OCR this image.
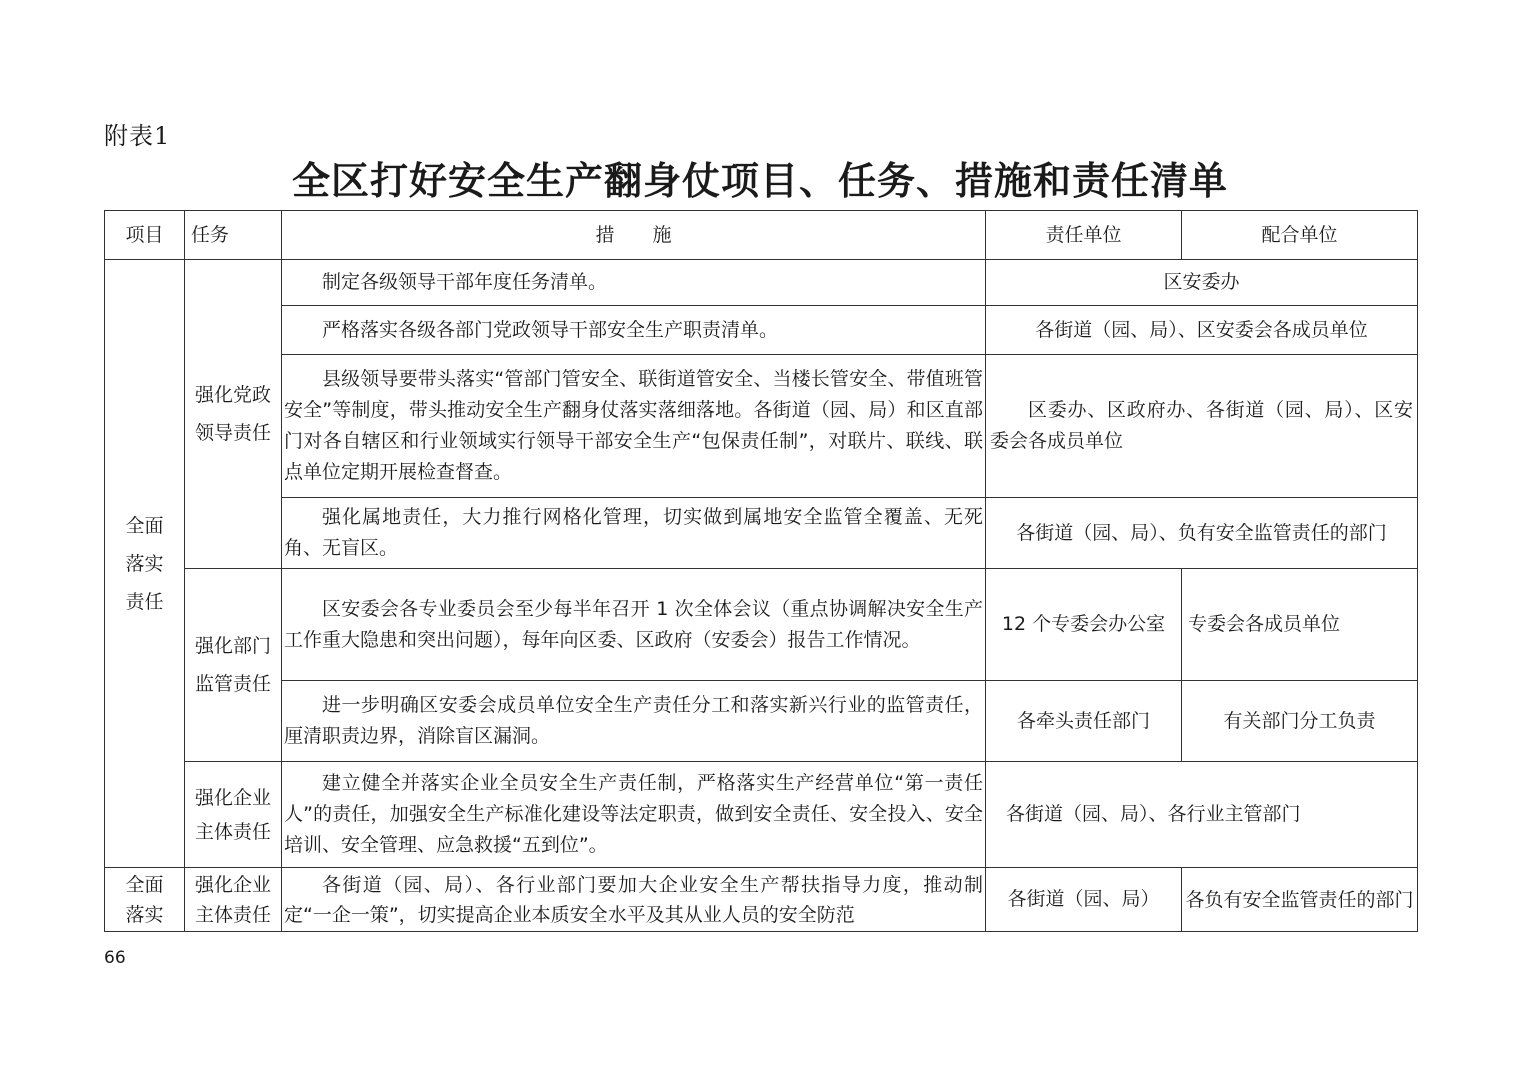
附表1
全区打好安全生产翻身仗项目、任务、措施和责任清单
项目	任务	措　　施	责任单位	配合单位

全面落实责任	强化党政领导责任	制定各级领导干部年度任务清单。	区安委办	
		严格落实各级各部门党政领导干部安全生产职责清单。	各街道（园、局）、区安委会各成员单位	
		县级领导要带头落实“管部门管安全、联街道管安全、当楼长管安全、带值班管安全”等制度，带头推动安全生产翻身仗落实落细落地。各街道（园、局）和区直部门对各自辖区和行业领域实行领导干部安全生产“包保责任制”，对联片、联线、联点单位定期开展检查督查。	区委办、区政府办、各街道（园、局）、区安委会各成员单位	
		强化属地责任，大力推行网格化管理，切实做到属地安全监管全覆盖、无死角、无盲区。	各街道（园、局）、负有安全监管责任的部门	

	强化部门监管责任	区安委会各专业委员会至少每半年召开 1 次全体会议（重点协调解决安全生产工作重大隐患和突出问题），每年向区委、区政府（安委会）报告工作情况。	12 个专委会办公室	专委会各成员单位
		进一步明确区安委会成员单位安全生产责任分工和落实新兴行业的监管责任，厘清职责边界，消除盲区漏洞。	各牵头责任部门	有关部门分工负责

	强化企业主体责任	建立健全并落实企业全员安全生产责任制，严格落实生产经营单位“第一责任人”的责任，加强安全生产标准化建设等法定职责，做到安全责任、安全投入、安全培训、安全管理、应急救援“五到位”。	各街道（园、局）、各行业主管部门	

全面落实	强化企业主体责任	各街道（园、局）、各行业部门要加大企业安全生产帮扶指导力度，推动制定“一企一策”，切实提高企业本质安全水平及其从业人员的安全防范	各街道（园、局）	各负有安全监管责任的部门
66
